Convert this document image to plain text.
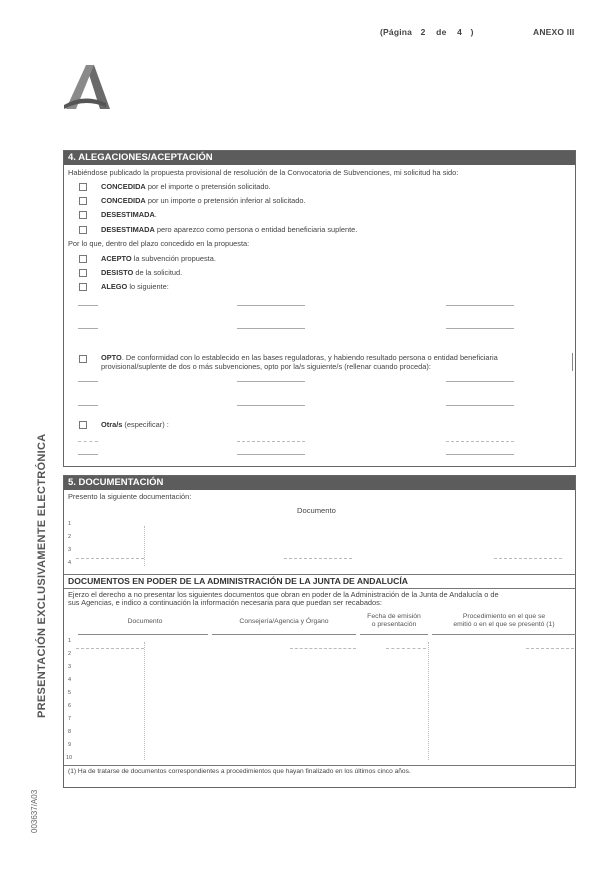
(Página 2 de 4 )	ANEXO III
PRESENTACIÓN EXCLUSIVAMENTE ELECTRÓNICA
003637/A03
4. ALEGACIONES/ACEPTACIÓN
Habiéndose publicado la propuesta provisional de resolución de la Convocatoria de Subvenciones, mi solicitud ha sido:
CONCEDIDA por el importe o pretensión solicitado.
CONCEDIDA por un importe o pretensión inferior al solicitado.
DESESTIMADA.
DESESTIMADA pero aparezco como persona o entidad beneficiaria suplente.
Por lo que, dentro del plazo concedido en la propuesta:
ACEPTO la subvención propuesta.
DESISTO de la solicitud.
ALEGO lo siguiente:
OPTO. De conformidad con lo establecido en las bases reguladoras, y habiendo resultado persona o entidad beneficiaria
provisional/suplente de dos o más subvenciones, opto por la/s siguiente/s (rellenar cuando proceda):
Otra/s (especificar) :
5. DOCUMENTACIÓN
Presento la siguiente documentación:
Documento
1
2
3
4
DOCUMENTOS EN PODER DE LA ADMINISTRACIÓN DE LA JUNTA DE ANDALUCÍA
Ejerzo el derecho a no presentar los siguientes documentos que obran en poder de la Administración de la Junta de Andalucía o de
sus Agencias, e indico a continuación la información necesaria para que puedan ser recabados:
Documento	Consejería/Agencia y Órgano
Fecha de emisión
o presentación
Procedimiento en el que se
emitió o en el que se presentó (1)
1
2
3
4
5
6
7
8
9
10
(1) Ha de tratarse de documentos correspondientes a procedimientos que hayan finalizado en los últimos cinco años.
